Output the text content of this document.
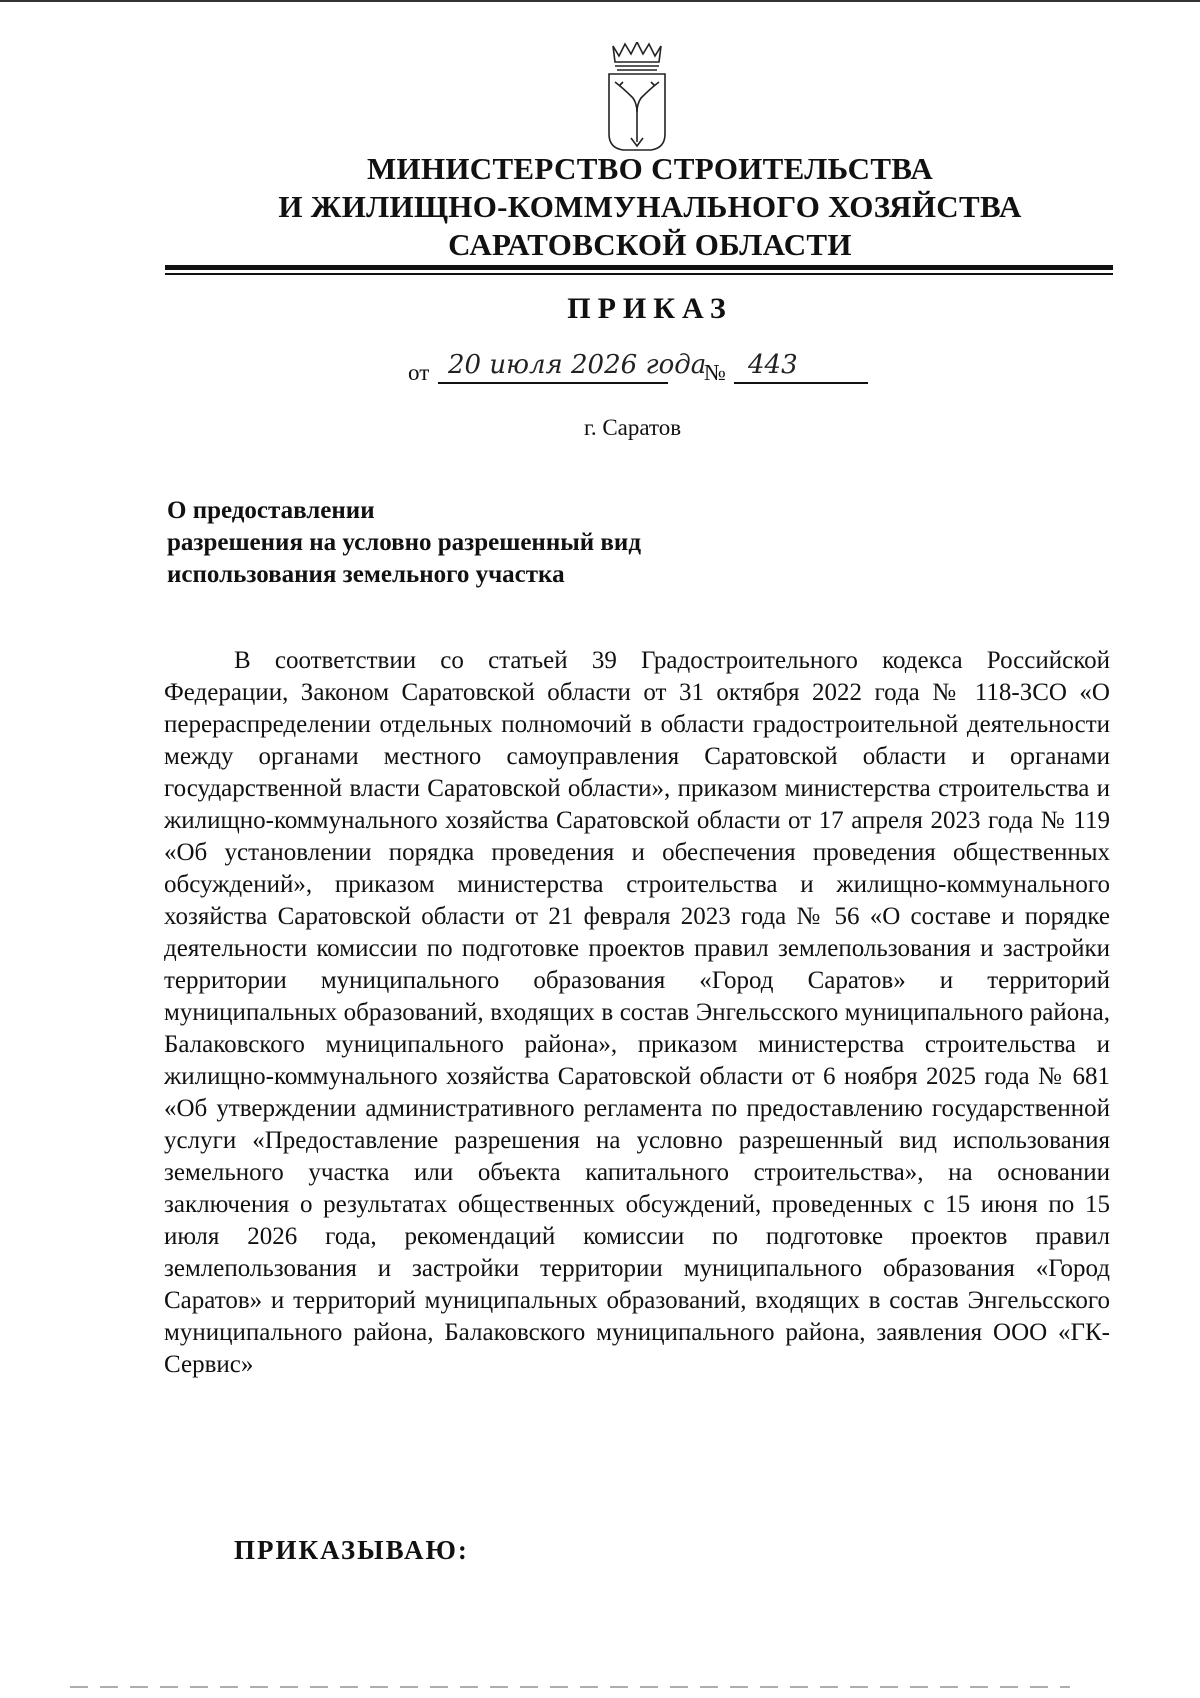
МИНИСТЕРСТВО СТРОИТЕЛЬСТВА
И ЖИЛИЩНО-КОММУНАЛЬНОГО ХОЗЯЙСТВА
САРАТОВСКОЙ ОБЛАСТИ
ПРИКАЗ
от 20 июля 2026 года
№ 443
г. Саратов
О предоставлении
разрешения на условно разрешенный вид
использования земельного участка
В соответствии со статьей 39 Градостроительного кодекса Российской Федерации, Законом Саратовской области от 31 октября 2022 года № 118-ЗСО «О перераспределении отдельных полномочий в области градостроительной деятельности между органами местного самоуправления Саратовской области и органами государственной власти Саратовской области», приказом министерства строительства и жилищно-коммунального хозяйства Саратовской области от 17 апреля 2023 года № 119 «Об установлении порядка проведения и обеспечения проведения общественных обсуждений», приказом министерства строительства и жилищно-коммунального хозяйства Саратовской области от 21 февраля 2023 года № 56 «О составе и порядке деятельности комиссии по подготовке проектов правил землепользования и застройки территории муниципального образования «Город Саратов» и территорий муниципальных образований, входящих в состав Энгельсского муниципального района, Балаковского муниципального района», приказом министерства строительства и жилищно-коммунального хозяйства Саратовской области от 6 ноября 2025 года № 681 «Об утверждении административного регламента по предоставлению государственной услуги «Предоставление разрешения на условно разрешенный вид использования земельного участка или объекта капитального строительства», на основании заключения о результатах общественных обсуждений, проведенных с 15 июня по 15 июля 2026 года, рекомендаций комиссии по подготовке проектов правил землепользования и застройки территории муниципального образования «Город Саратов» и территорий муниципальных образований, входящих в состав Энгельсского муниципального района, Балаковского муниципального района, заявления ООО «ГК-Сервис»
ПРИКАЗЫВАЮ:
